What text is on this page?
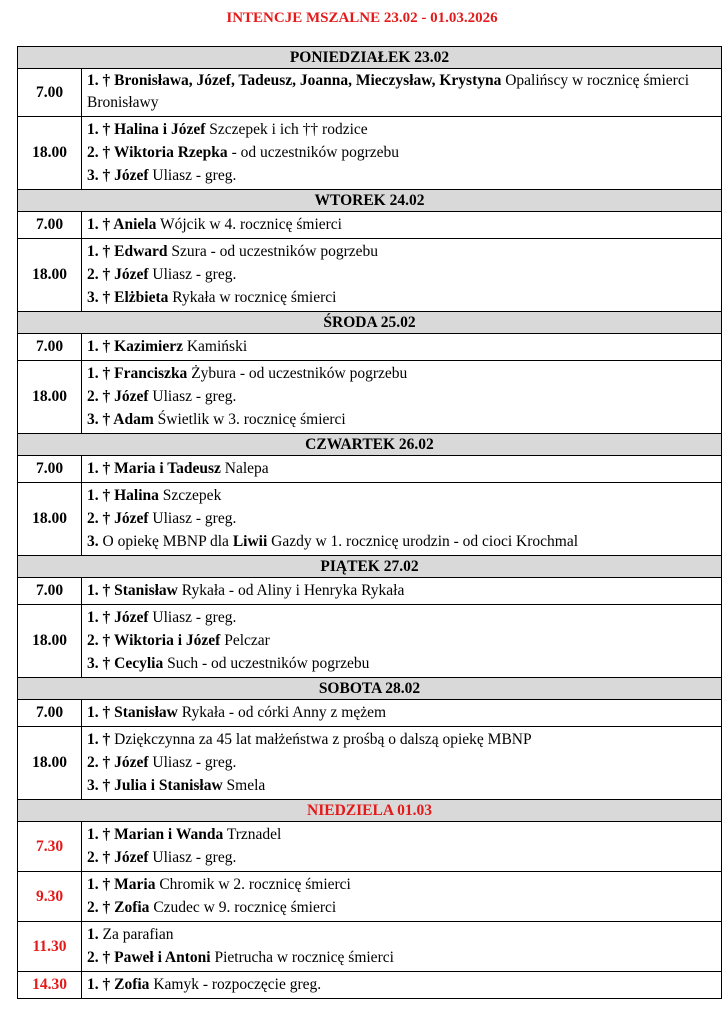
INTENCJE MSZALNE 23.02 - 01.03.2026
PONIEDZIAŁEK 23.02	
7.00	1. † Bronisława, Józef, Tadeusz, Joanna, Mieczysław, Krystyna Opalińscy w rocznicę śmierci Bronisławy

18.00	1. † Halina i Józef Szczepek i ich †† rodzice
2. † Wiktoria Rzepka - od uczestników pogrzebu
3. † Józef Uliasz - greg.

WTOREK 24.02	
7.00	1. † Aniela Wójcik w 4. rocznicę śmierci

18.00	1. † Edward Szura - od uczestników pogrzebu
2. † Józef Uliasz - greg.
3. † Elżbieta Rykała w rocznicę śmierci

ŚRODA 25.02	
7.00	1. † Kazimierz Kamiński

18.00	1. † Franciszka Żybura - od uczestników pogrzebu
2. † Józef Uliasz - greg.
3. † Adam Świetlik w 3. rocznicę śmierci

CZWARTEK 26.02	
7.00	1. † Maria i Tadeusz Nalepa

18.00	1. † Halina Szczepek
2. † Józef Uliasz - greg.
3. O opiekę MBNP dla Liwii Gazdy w 1. rocznicę urodzin - od cioci Krochmal

PIĄTEK 27.02	
7.00	1. † Stanisław Rykała - od Aliny i Henryka Rykała

18.00	1. † Józef Uliasz - greg.
2. † Wiktoria i Józef Pelczar
3. † Cecylia Such - od uczestników pogrzebu

SOBOTA 28.02	
7.00	1. † Stanisław Rykała - od córki Anny z mężem

18.00	1. † Dziękczynna za 45 lat małżeństwa z prośbą o dalszą opiekę MBNP
2. † Józef Uliasz - greg.
3. † Julia i Stanisław Smela

NIEDZIELA 01.03	
7.30	1. † Marian i Wanda Trznadel
2. † Józef Uliasz - greg.

9.30	1. † Maria Chromik w 2. rocznicę śmierci
2. † Zofia Czudec w 9. rocznicę śmierci

11.30	1. Za parafian
2. † Paweł i Antoni Pietrucha w rocznicę śmierci

14.30	1. † Zofia Kamyk - rozpoczęcie greg.
